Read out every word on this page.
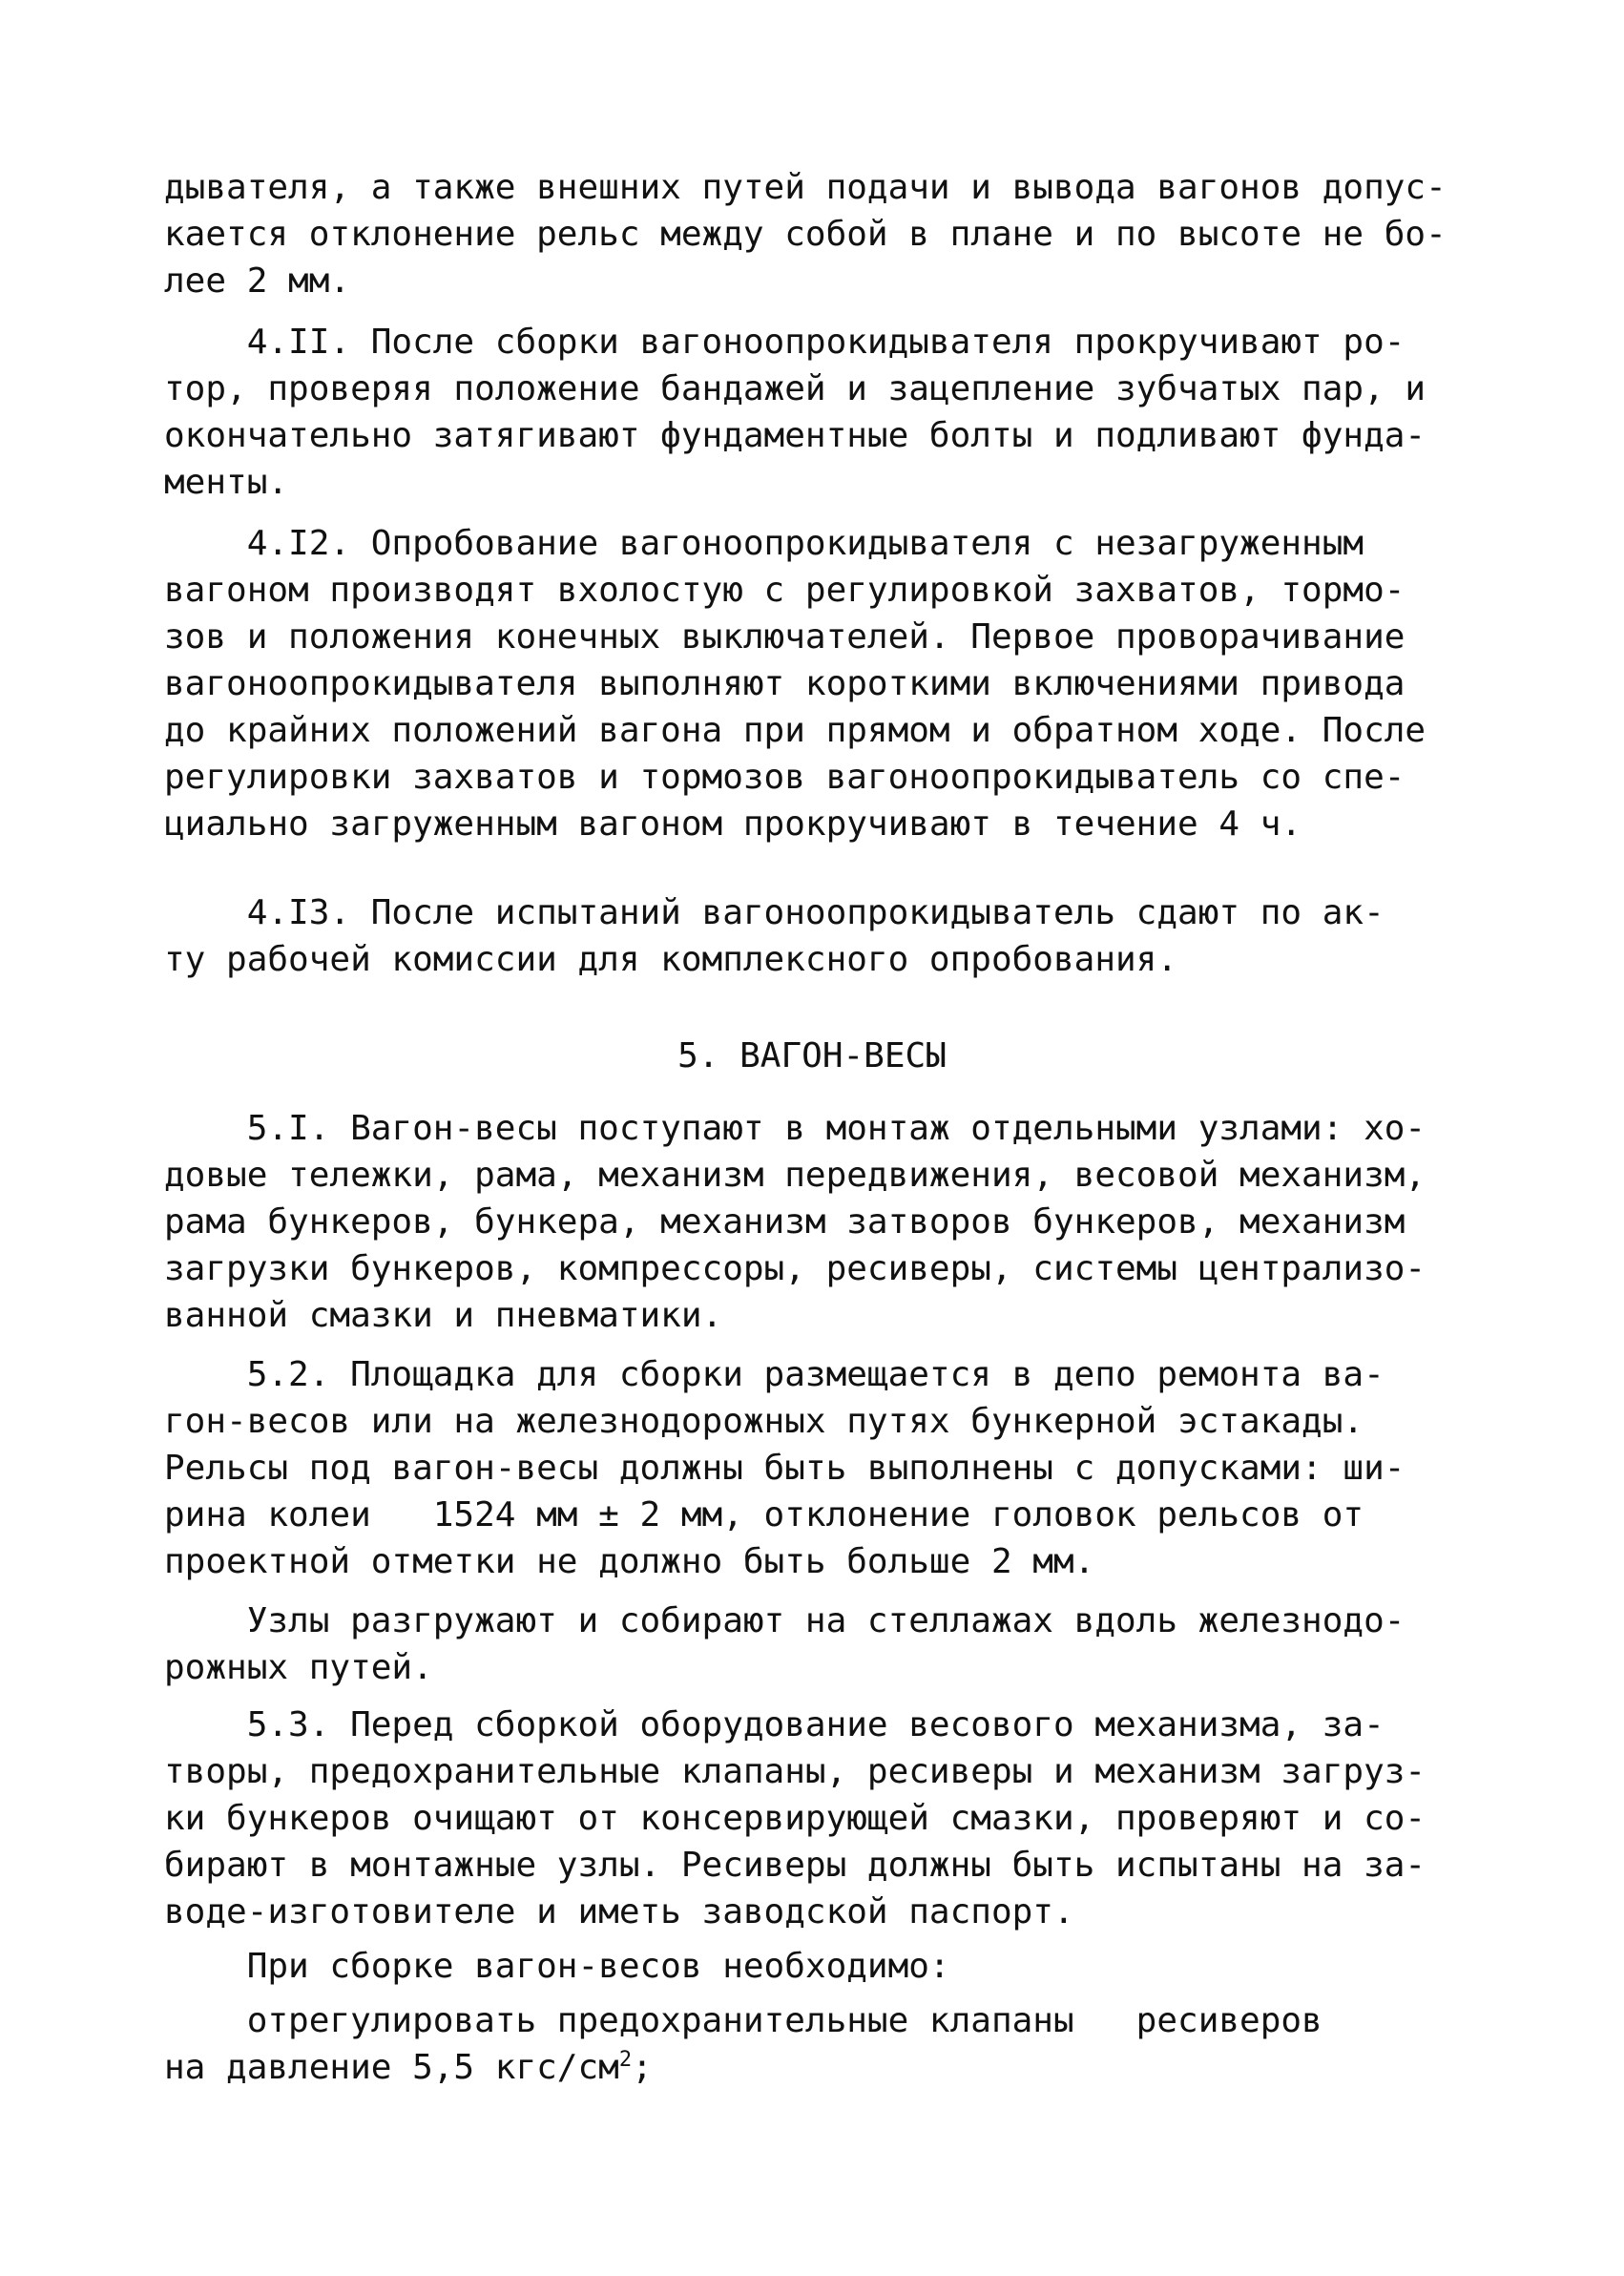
дывателя, а также внешних путей подачи и вывода вагонов допус-
кается отклонение рельс между собой в плане и по высоте не бо-
лее 2 мм.
4.II. После сборки вагоноопрокидывателя прокручивают ро-
тор, проверяя положение бандажей и зацепление зубчатых пар, и
окончательно затягивают фундаментные болты и подливают фунда-
менты.
4.I2. Опробование вагоноопрокидывателя с незагруженным
вагоном производят вхолостую с регулировкой захватов, тормо-
зов и положения конечных выключателей. Первое проворачивание
вагоноопрокидывателя выполняют короткими включениями привода
до крайних положений вагона при прямом и обратном ходе. После
регулировки захватов и тормозов вагоноопрокидыватель со спе-
циально загруженным вагоном прокручивают в течение 4 ч.
4.I3. После испытаний вагоноопрокидыватель сдают по ак-
ту рабочей комиссии для комплексного опробования.
5. ВАГОН-ВЕСЫ
5.I. Вагон-весы поступают в монтаж отдельными узлами: хо-
довые тележки, рама, механизм передвижения, весовой механизм,
рама бункеров, бункера, механизм затворов бункеров, механизм
загрузки бункеров, компрессоры, ресиверы, системы централизо-
ванной смазки и пневматики.
5.2. Площадка для сборки размещается в депо ремонта ва-
гон-весов или на железнодорожных путях бункерной эстакады.
Рельсы под вагон-весы должны быть выполнены с допусками: ши-
рина колеи   1524 мм ± 2 мм, отклонение головок рельсов от
проектной отметки не должно быть больше 2 мм.
Узлы разгружают и собирают на стеллажах вдоль железнодо-
рожных путей.
5.3. Перед сборкой оборудование весового механизма, за-
творы, предохранительные клапаны, ресиверы и механизм загруз-
ки бункеров очищают от консервирующей смазки, проверяют и со-
бирают в монтажные узлы. Ресиверы должны быть испытаны на за-
воде-изготовителе и иметь заводской паспорт.
При сборке вагон-весов необходимо:
отрегулировать предохранительные клапаны   ресиверов
на давление 5,5 кгс/$см^2$;
